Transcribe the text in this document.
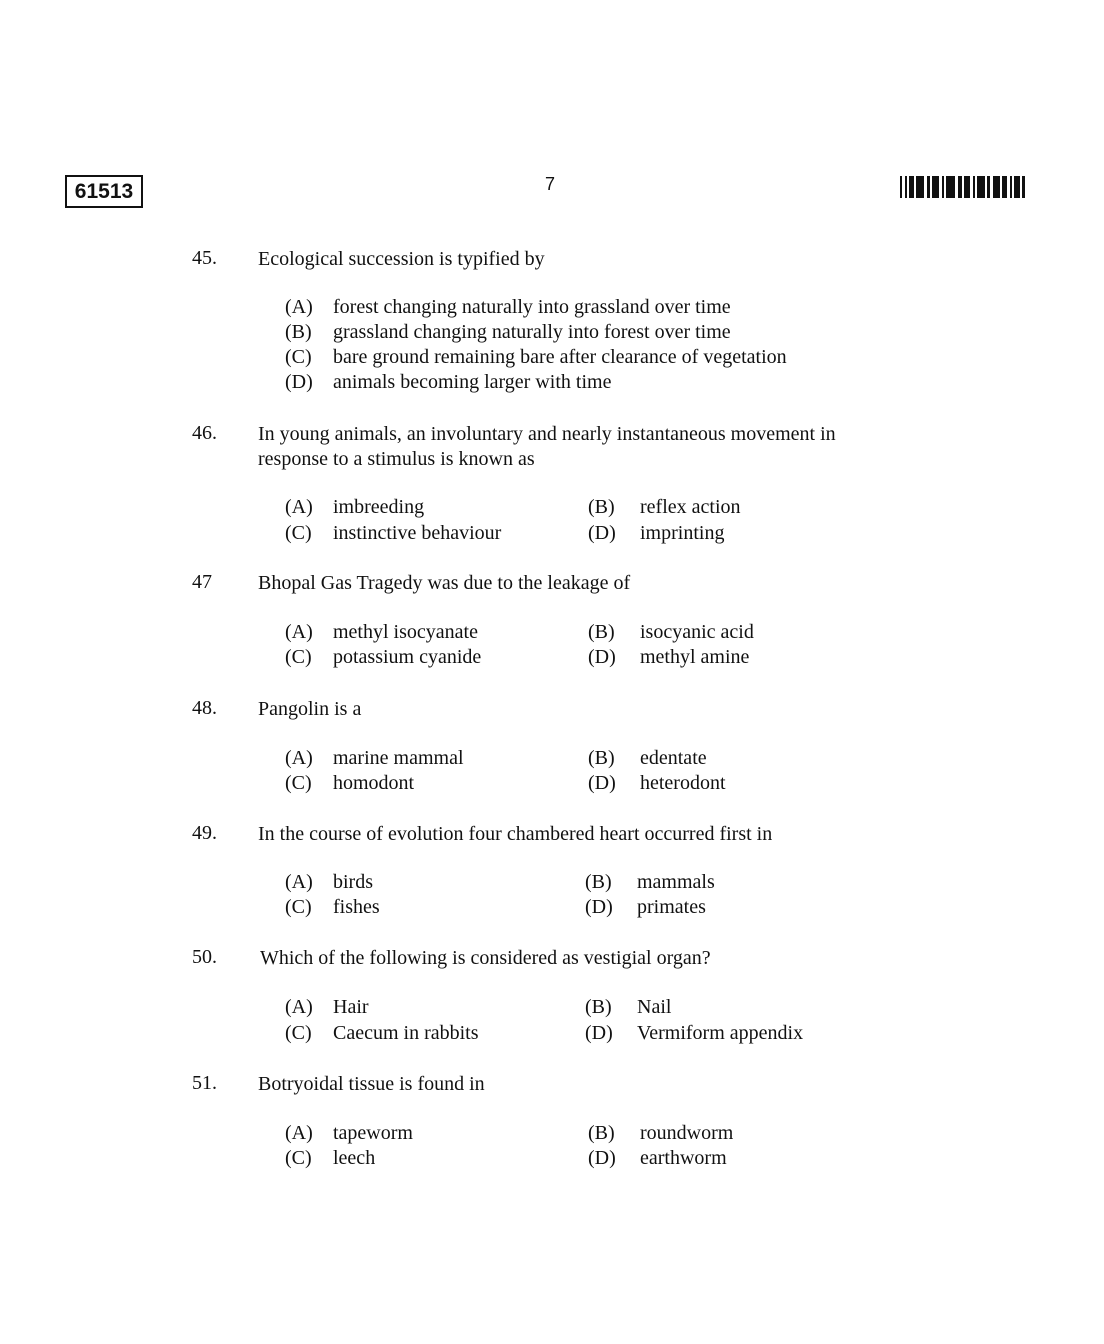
61513	7
45. Ecological succession is typified by
(A) forest changing naturally into grassland over time
(B) grassland changing naturally into forest over time
(C) bare ground remaining bare after clearance of vegetation
(D) animals becoming larger with time
46. In young animals, an involuntary and nearly instantaneous movement in response to a stimulus is known as
(A) imbreeding	(B) reflex action
(C) instinctive behaviour	(D) imprinting
47 Bhopal Gas Tragedy was due to the leakage of
(A) methyl isocyanate	(B) isocyanic acid
(C) potassium cyanide	(D) methyl amine
48. Pangolin is a
(A) marine mammal	(B) edentate
(C) homodont	(D) heterodont
49. In the course of evolution four chambered heart occurred first in
(A) birds	(B) mammals
(C) fishes	(D) primates
50. Which of the following is considered as vestigial organ?
(A) Hair	(B) Nail
(C) Caecum in rabbits	(D) Vermiform appendix
51. Botryoidal tissue is found in
(A) tapeworm	(B) roundworm
(C) leech	(D) earthworm
